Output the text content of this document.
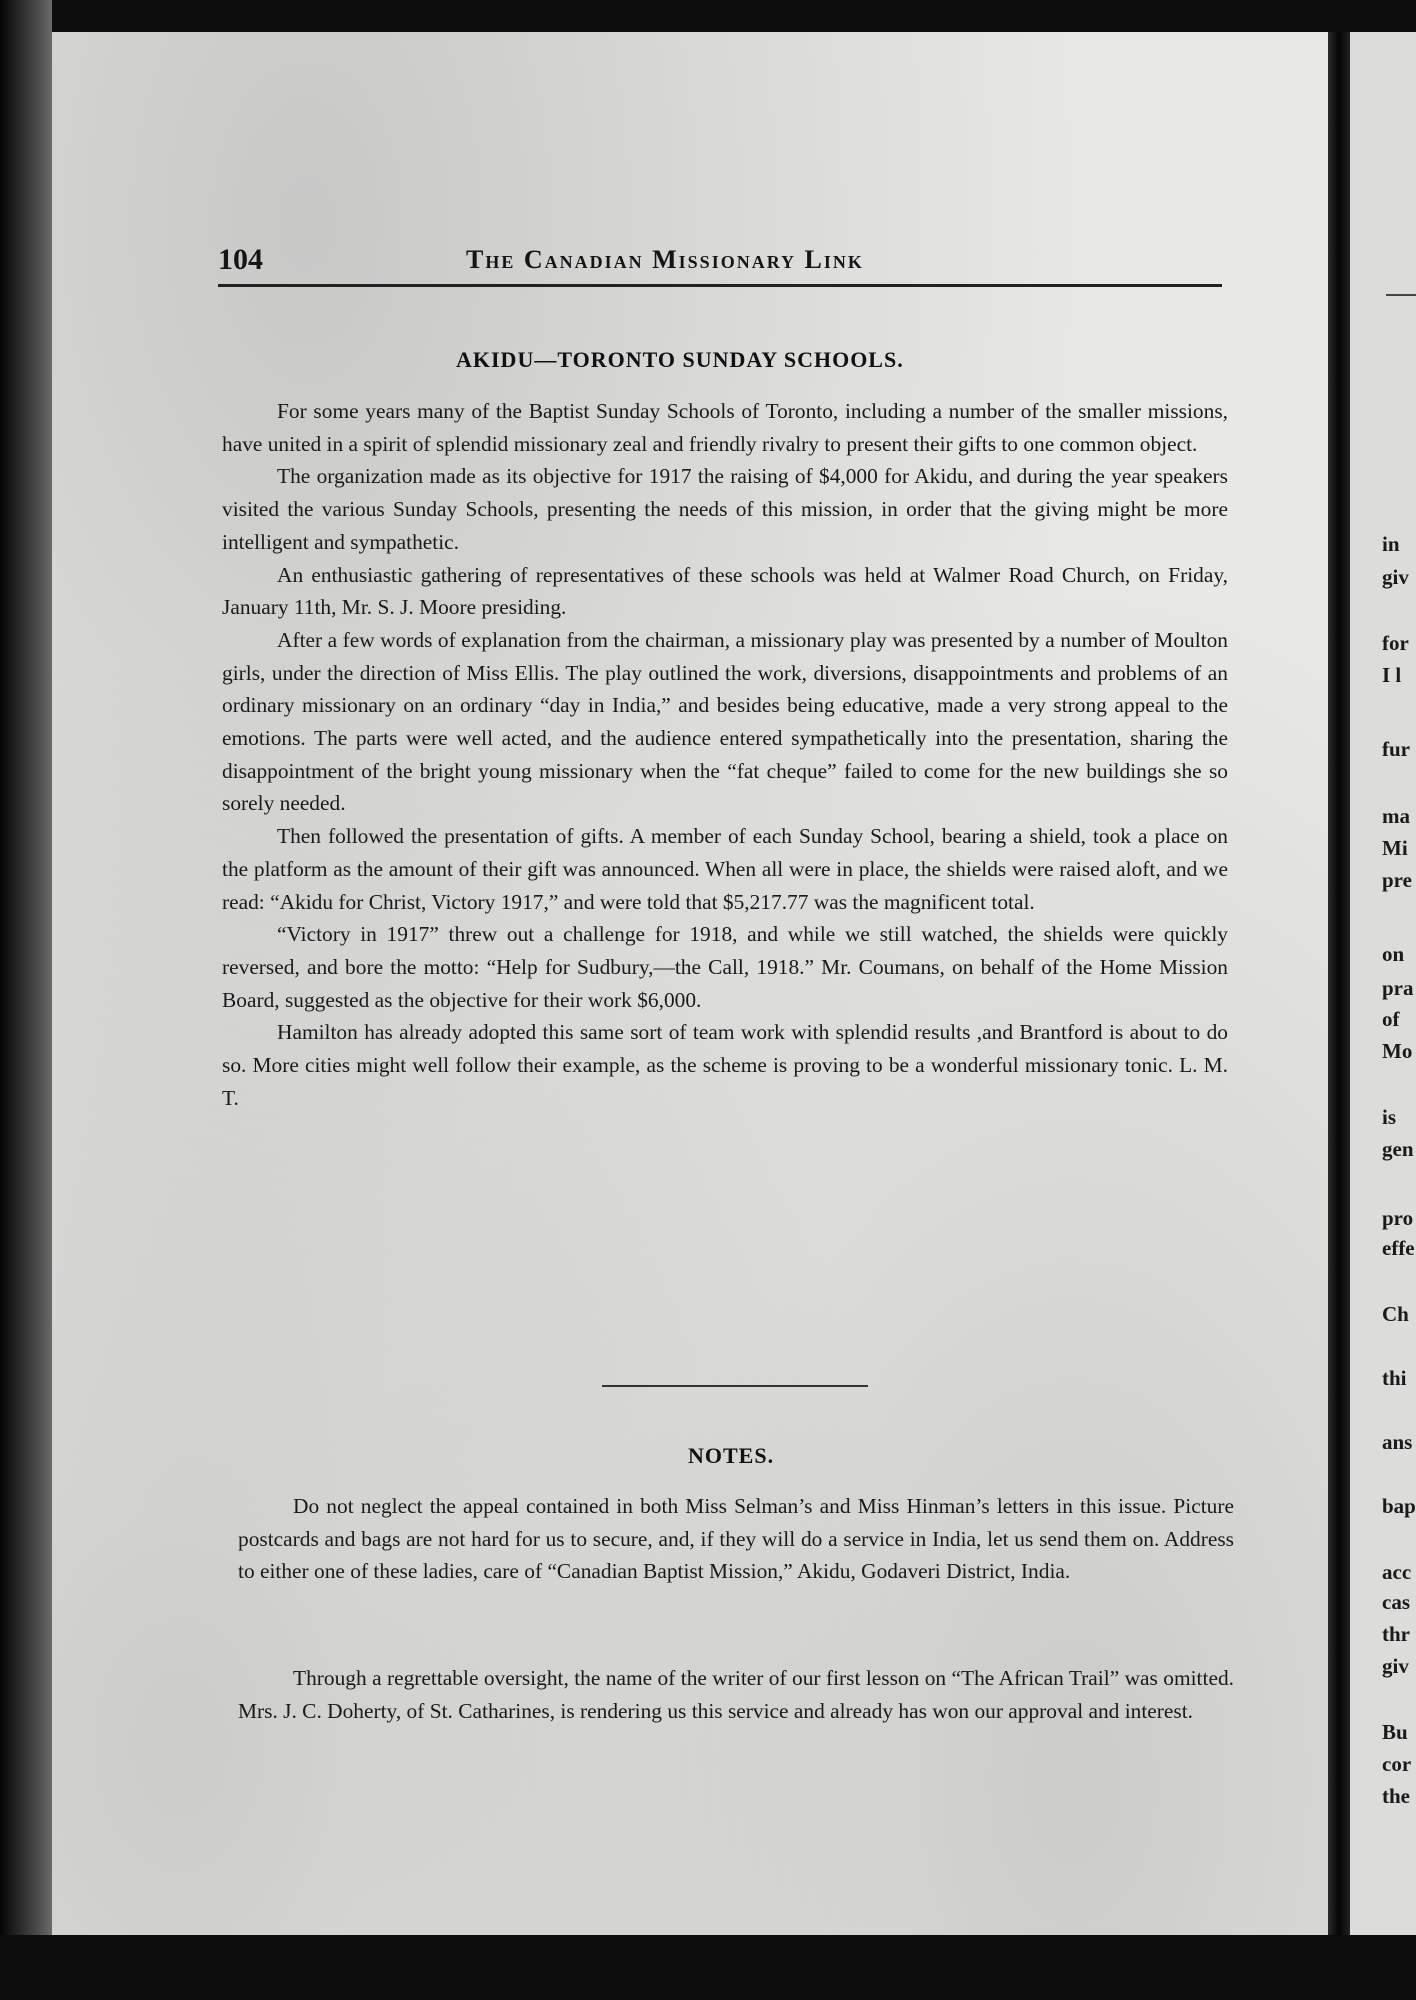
104	The Canadian Missionary Link
AKIDU—TORONTO SUNDAY SCHOOLS.

For some years many of the Baptist Sunday Schools of Toronto, including a number of the smaller missions, have united in a spirit of splendid missionary zeal and friendly rivalry to present their gifts to one common object.

The organization made as its objective for 1917 the raising of $4,000 for Akidu, and during the year speakers visited the various Sunday Schools, presenting the needs of this mission, in order that the giving might be more intelligent and sympathetic.

An enthusiastic gathering of representatives of these schools was held at Walmer Road Church, on Friday, January 11th, Mr. S. J. Moore presiding.

After a few words of explanation from the chairman, a missionary play was presented by a number of Moulton girls, under the direction of Miss Ellis. The play outlined the work, diversions, disappointments and problems of an ordinary missionary on an ordinary “day in India,” and besides being educative, made a very strong appeal to the emotions. The parts were well acted, and the audience entered sympathetically into the presentation, sharing the disappointment of the bright young missionary when the “fat cheque” failed to come for the new buildings she so sorely needed.

Then followed the presentation of gifts. A member of each Sunday School, bearing a shield, took a place on the platform as the amount of their gift was announced. When all were in place, the shields were raised aloft, and we read: “Akidu for Christ, Victory 1917,” and were told that $5,217.77 was the magnificent total.

“Victory in 1917” threw out a challenge for 1918, and while we still watched, the shields were quickly reversed, and bore the motto: “Help for Sudbury,—the Call, 1918.” Mr. Coumans, on behalf of the Home Mission Board, suggested as the objective for their work $6,000.

Hamilton has already adopted this same sort of team work with splendid results ,and Brantford is about to do so. More cities might well follow their example, as the scheme is proving to be a wonderful missionary tonic. L. M. T.

NOTES.

Do not neglect the appeal contained in both Miss Selman’s and Miss Hinman’s letters in this issue. Picture postcards and bags are not hard for us to secure, and, if they will do a service in India, let us send them on. Address to either one of these ladies, care of “Canadian Baptist Mission,” Akidu, Godaveri District, India.

Through a regrettable oversight, the name of the writer of our first lesson on “The African Trail” was omitted. Mrs. J. C. Doherty, of St. Catharines, is rendering us this service and already has won our approval and interest.

in
giv
for
I l
fur
ma
Mi
pre
on
pra
of
Mo
is
gen
pro
effe
Ch
thi
ans
bap
acc
cas
thr
giv
Bu
cor
the
